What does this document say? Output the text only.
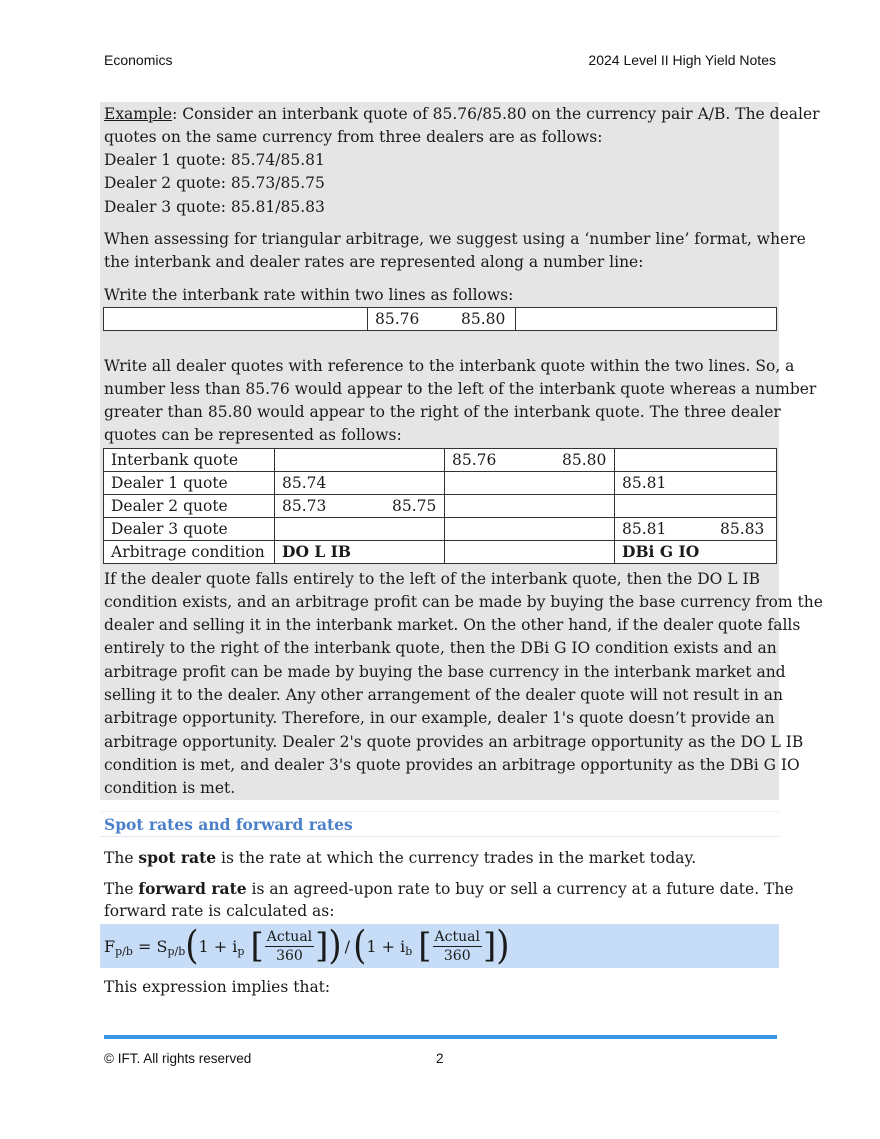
Economics	2024 Level II High Yield Notes
Example: Consider an interbank quote of 85.76/85.80 on the currency pair A/B. The dealer
quotes on the same currency from three dealers are as follows:
Dealer 1 quote: 85.74/85.81
Dealer 2 quote: 85.73/85.75
Dealer 3 quote: 85.81/85.83
When assessing for triangular arbitrage, we suggest using a ‘number line’ format, where
the interbank and dealer rates are represented along a number line:
Write the interbank rate within two lines as follows:

85.76	85.80

Write all dealer quotes with reference to the interbank quote within the two lines. So, a
number less than 85.76 would appear to the left of the interbank quote whereas a number
greater than 85.80 would appear to the right of the interbank quote. The three dealer
quotes can be represented as follows:
Interbank quote		85.76 85.80	

Dealer 1 quote	85.74		85.81

Dealer 2 quote	85.73 85.75		

Dealer 3 quote			85.81 85.83

Arbitrage condition	DO L IB		DBi G IO
If the dealer quote falls entirely to the left of the interbank quote, then the DO L IB
condition exists, and an arbitrage profit can be made by buying the base currency from the
dealer and selling it in the interbank market. On the other hand, if the dealer quote falls
entirely to the right of the interbank quote, then the DBi G IO condition exists and an
arbitrage profit can be made by buying the base currency in the interbank market and
selling it to the dealer. Any other arrangement of the dealer quote will not result in an
arbitrage opportunity. Therefore, in our example, dealer 1's quote doesn’t provide an
arbitrage opportunity. Dealer 2's quote provides an arbitrage opportunity as the DO L IB
condition is met, and dealer 3's quote provides an arbitrage opportunity as the DBi G IO
condition is met.
Spot rates and forward rates
The spot rate is the rate at which the currency trades in the market today.
The forward rate is an agreed-upon rate to buy or sell a currency at a future date. The
forward rate is calculated as:
F p/b = S p/b ( 1 + i p [ $\frac{\text{Actual}}{360}$ ] ) / ( 1 + i b [ $\frac{\text{Actual}}{360}$ ] )
This expression implies that:
© IFT. All rights reserved	2
